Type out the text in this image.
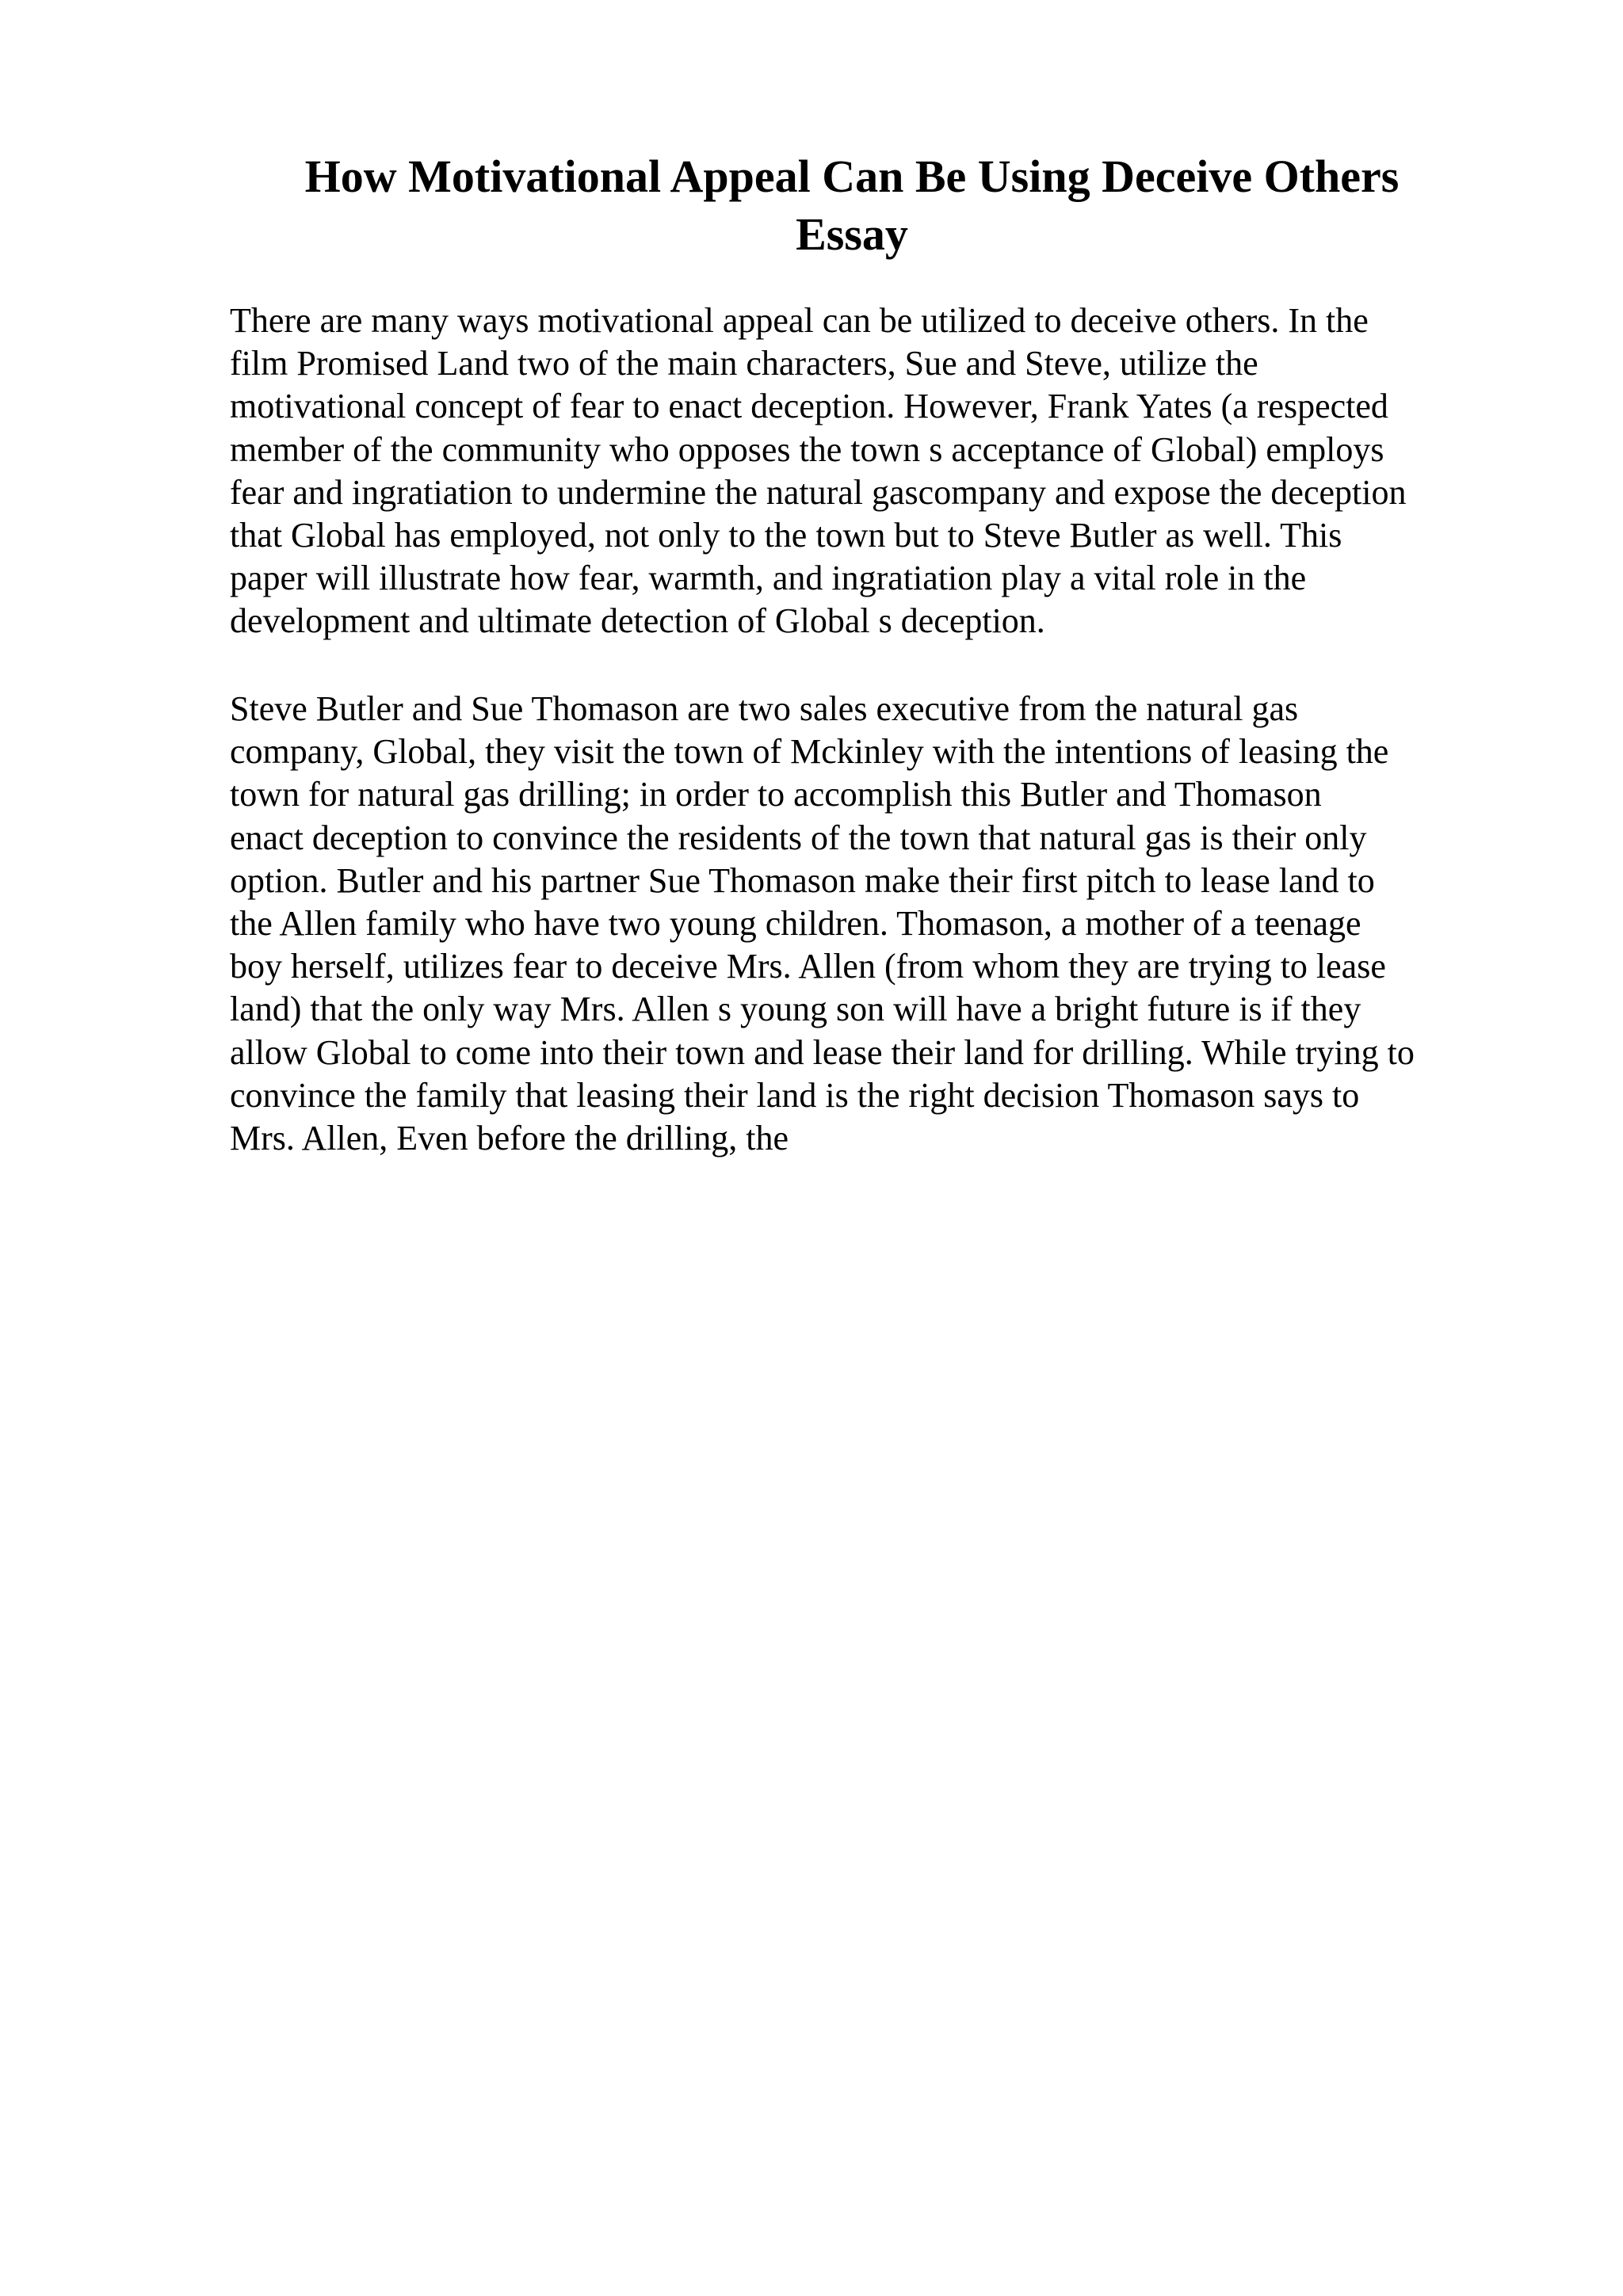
How Motivational Appeal Can Be Using Deceive Others
Essay

There are many ways motivational appeal can be utilized to deceive others. In the
film Promised Land two of the main characters, Sue and Steve, utilize the
motivational concept of fear to enact deception. However, Frank Yates (a respected
member of the community who opposes the town s acceptance of Global) employs
fear and ingratiation to undermine the natural gascompany and expose the deception
that Global has employed, not only to the town but to Steve Butler as well. This
paper will illustrate how fear, warmth, and ingratiation play a vital role in the
development and ultimate detection of Global s deception.

Steve Butler and Sue Thomason are two sales executive from the natural gas
company, Global, they visit the town of Mckinley with the intentions of leasing the
town for natural gas drilling; in order to accomplish this Butler and Thomason
enact deception to convince the residents of the town that natural gas is their only
option. Butler and his partner Sue Thomason make their first pitch to lease land to
the Allen family who have two young children. Thomason, a mother of a teenage
boy herself, utilizes fear to deceive Mrs. Allen (from whom they are trying to lease
land) that the only way Mrs. Allen s young son will have a bright future is if they
allow Global to come into their town and lease their land for drilling. While trying to
convince the family that leasing their land is the right decision Thomason says to
Mrs. Allen, Even before the drilling, the
